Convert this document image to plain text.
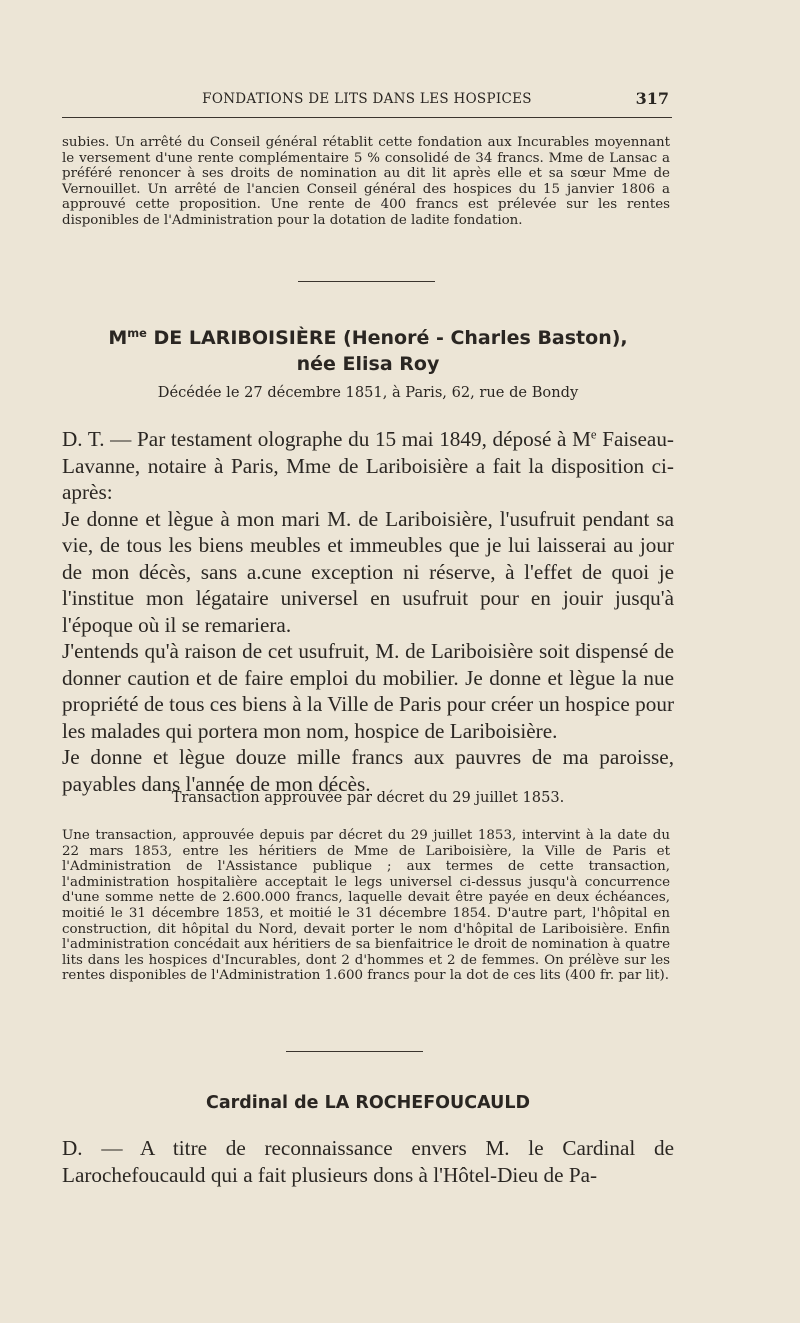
FONDATIONS DE LITS DANS LES HOSPICES	317

subies. Un arrêté du Conseil général rétablit cette fondation aux Incurables moyennant le versement d'une rente complémentaire 5 % consolidé de 34 francs. Mme de Lansac a préféré renoncer à ses droits de nomination au dit lit après elle et sa sœur Mme de Vernouillet. Un arrêté de l'ancien Conseil général des hospices du 15 janvier 1806 a approuvé cette proposition. Une rente de 400 francs est prélevée sur les rentes disponibles de l'Administration pour la dotation de ladite fondation.

$M^{me}$ DE LARIBOISIÈRE (Henoré - Charles Baston),
née Elisa Roy
Décédée le 27 décembre 1851, à Paris, 62, rue de Bondy

D. T. — Par testament olographe du 15 mai 1849, déposé à Me Faiseau-Lavanne, notaire à Paris, Mme de Lariboisière a fait la disposition ci-après:

Je donne et lègue à mon mari M. de Lariboisière, l'usufruit pendant sa vie, de tous les biens meubles et immeubles que je lui laisserai au jour de mon décès, sans a.cune exception ni réserve, à l'effet de quoi je l'institue mon légataire universel en usufruit pour en jouir jusqu'à l'époque où il se remariera.

J'entends qu'à raison de cet usufruit, M. de Lariboisière soit dispensé de donner caution et de faire emploi du mobilier. Je donne et lègue la nue propriété de tous ces biens à la Ville de Paris pour créer un hospice pour les malades qui portera mon nom, hospice de Lariboisière.

Je donne et lègue douze mille francs aux pauvres de ma paroisse, payables dans l'année de mon décès.

Transaction approuvée par décret du 29 juillet 1853.

Une transaction, approuvée depuis par décret du 29 juillet 1853, intervint à la date du 22 mars 1853, entre les héritiers de Mme de Lariboisière, la Ville de Paris et l'Administration de l'Assistance publique ; aux termes de cette transaction, l'administration hospitalière acceptait le legs universel ci-dessus jusqu'à concurrence d'une somme nette de 2.600.000 francs, laquelle devait être payée en deux échéances, moitié le 31 décembre 1853, et moitié le 31 décembre 1854. D'autre part, l'hôpital en construction, dit hôpital du Nord, devait porter le nom d'hôpital de Lariboisière. Enfin l'administration concédait aux héritiers de sa bienfaitrice le droit de nomination à quatre lits dans les hospices d'Incurables, dont 2 d'hommes et 2 de femmes. On prélève sur les rentes disponibles de l'Administration 1.600 francs pour la dot de ces lits (400 fr. par lit).

Cardinal de LA ROCHEFOUCAULD

D. — A titre de reconnaissance envers M. le Cardinal de Larochefoucauld qui a fait plusieurs dons à l'Hôtel-Dieu de Pa-
